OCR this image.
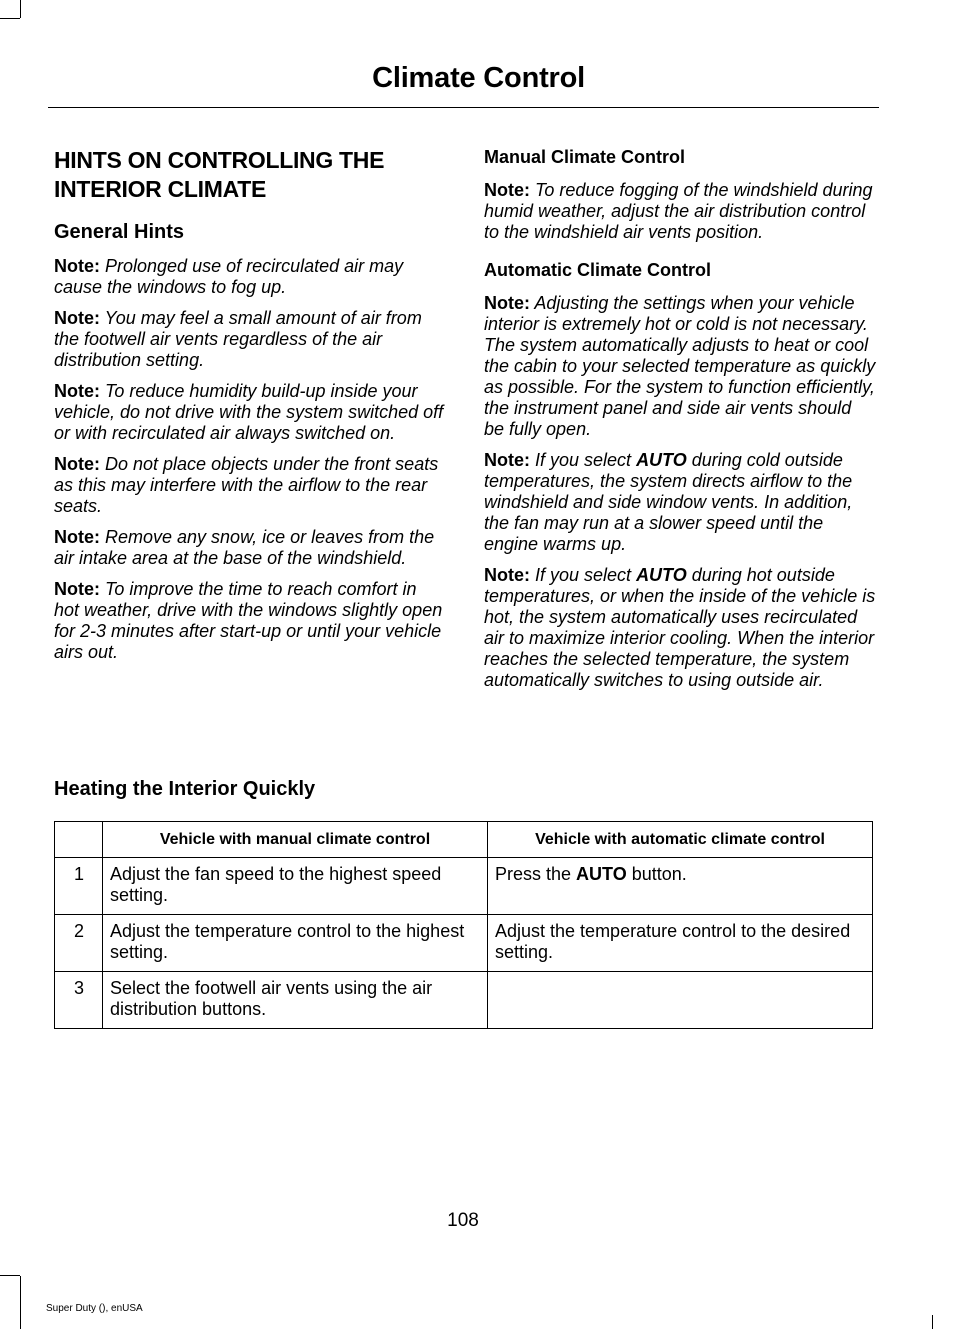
Climate Control
HINTS ON CONTROLLING THE INTERIOR CLIMATE
General Hints

Note: Prolonged use of recirculated air may cause the windows to fog up.

Note: You may feel a small amount of air from the footwell air vents regardless of the air distribution setting.

Note: To reduce humidity build-up inside your vehicle, do not drive with the system switched off or with recirculated air always switched on.

Note: Do not place objects under the front seats as this may interfere with the airflow to the rear seats.

Note: Remove any snow, ice or leaves from the air intake area at the base of the windshield.

Note: To improve the time to reach comfort in hot weather, drive with the windows slightly open for 2-3 minutes after start-up or until your vehicle airs out.

Manual Climate Control

Note: To reduce fogging of the windshield during humid weather, adjust the air distribution control to the windshield air vents position.

Automatic Climate Control

Note: Adjusting the settings when your vehicle interior is extremely hot or cold is not necessary. The system automatically adjusts to heat or cool the cabin to your selected temperature as quickly as possible. For the system to function efficiently, the instrument panel and side air vents should be fully open.

Note: If you select AUTO during cold outside temperatures, the system directs airflow to the windshield and side window vents. In addition, the fan may run at a slower speed until the engine warms up.

Note: If you select AUTO during hot outside temperatures, or when the inside of the vehicle is hot, the system automatically uses recirculated air to maximize interior cooling. When the interior reaches the selected temperature, the system automatically switches to using outside air.

Heating the Interior Quickly
	Vehicle with manual climate control	Vehicle with automatic climate control
1	Adjust the fan speed to the highest speed setting.	Press the AUTO button.
2	Adjust the temperature control to the highest setting.	Adjust the temperature control to the desired setting.
3	Select the footwell air vents using the air distribution buttons.	
108
Super Duty (), enUSA
